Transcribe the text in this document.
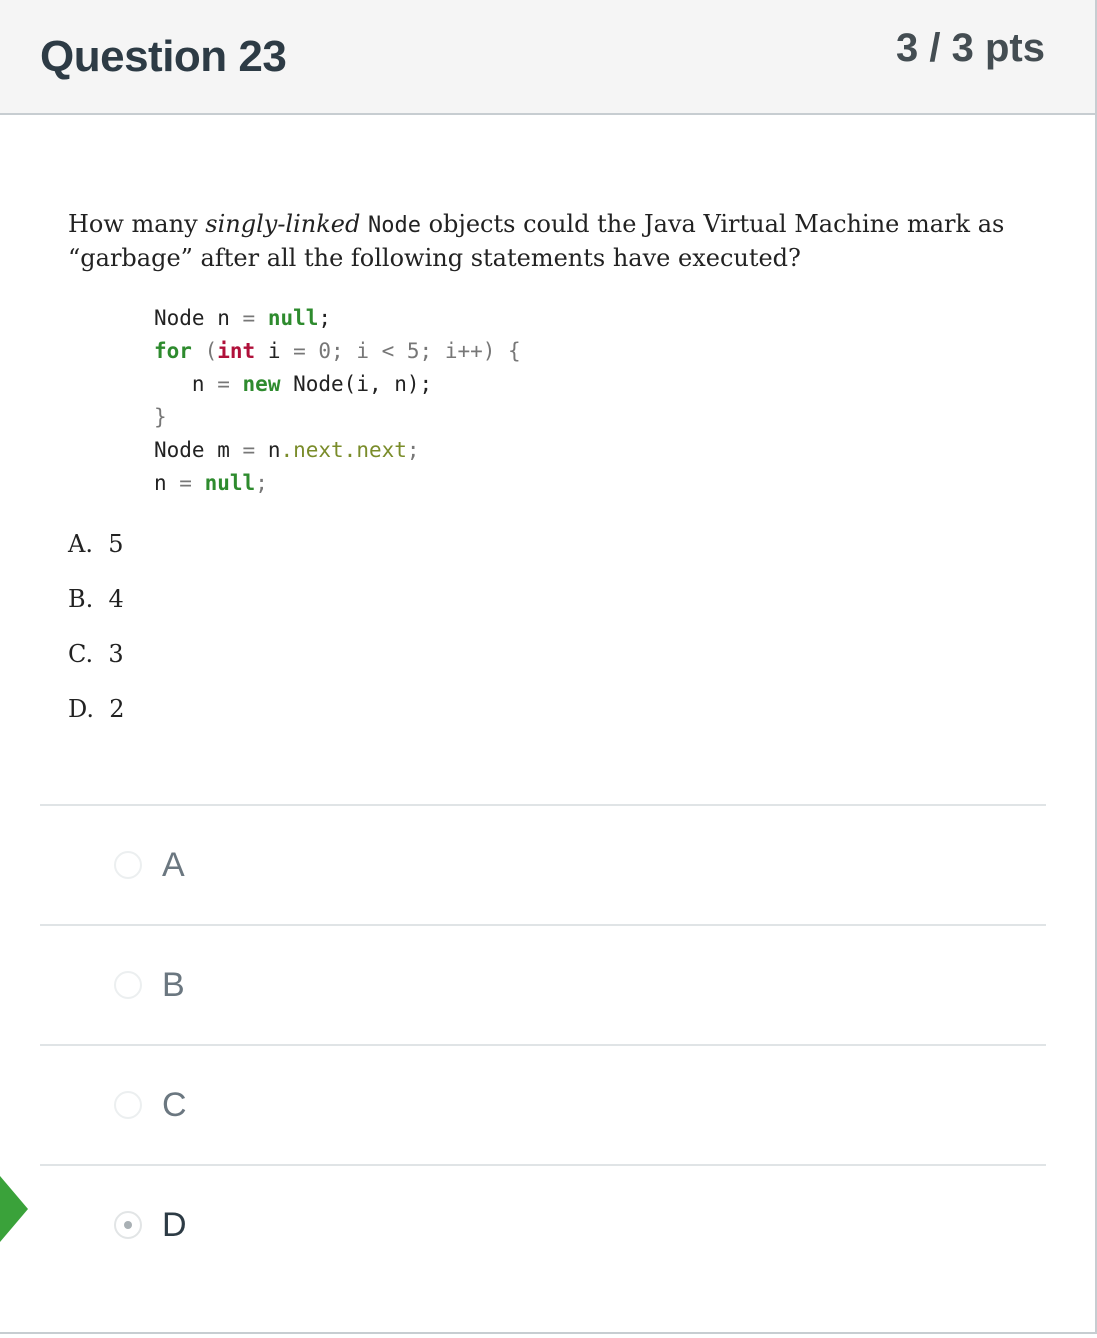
Question 23	3 / 3 pts
How many singly-linked Node objects could the Java Virtual Machine mark as “garbage” after all the following statements have executed?
Node n = null;
for (int i = 0; i < 5; i++) {
n = new Node(i, n);
}
Node m = n.next.next;
n = null;
A. 5
B. 4
C. 3
D. 2
A
B
C
D
